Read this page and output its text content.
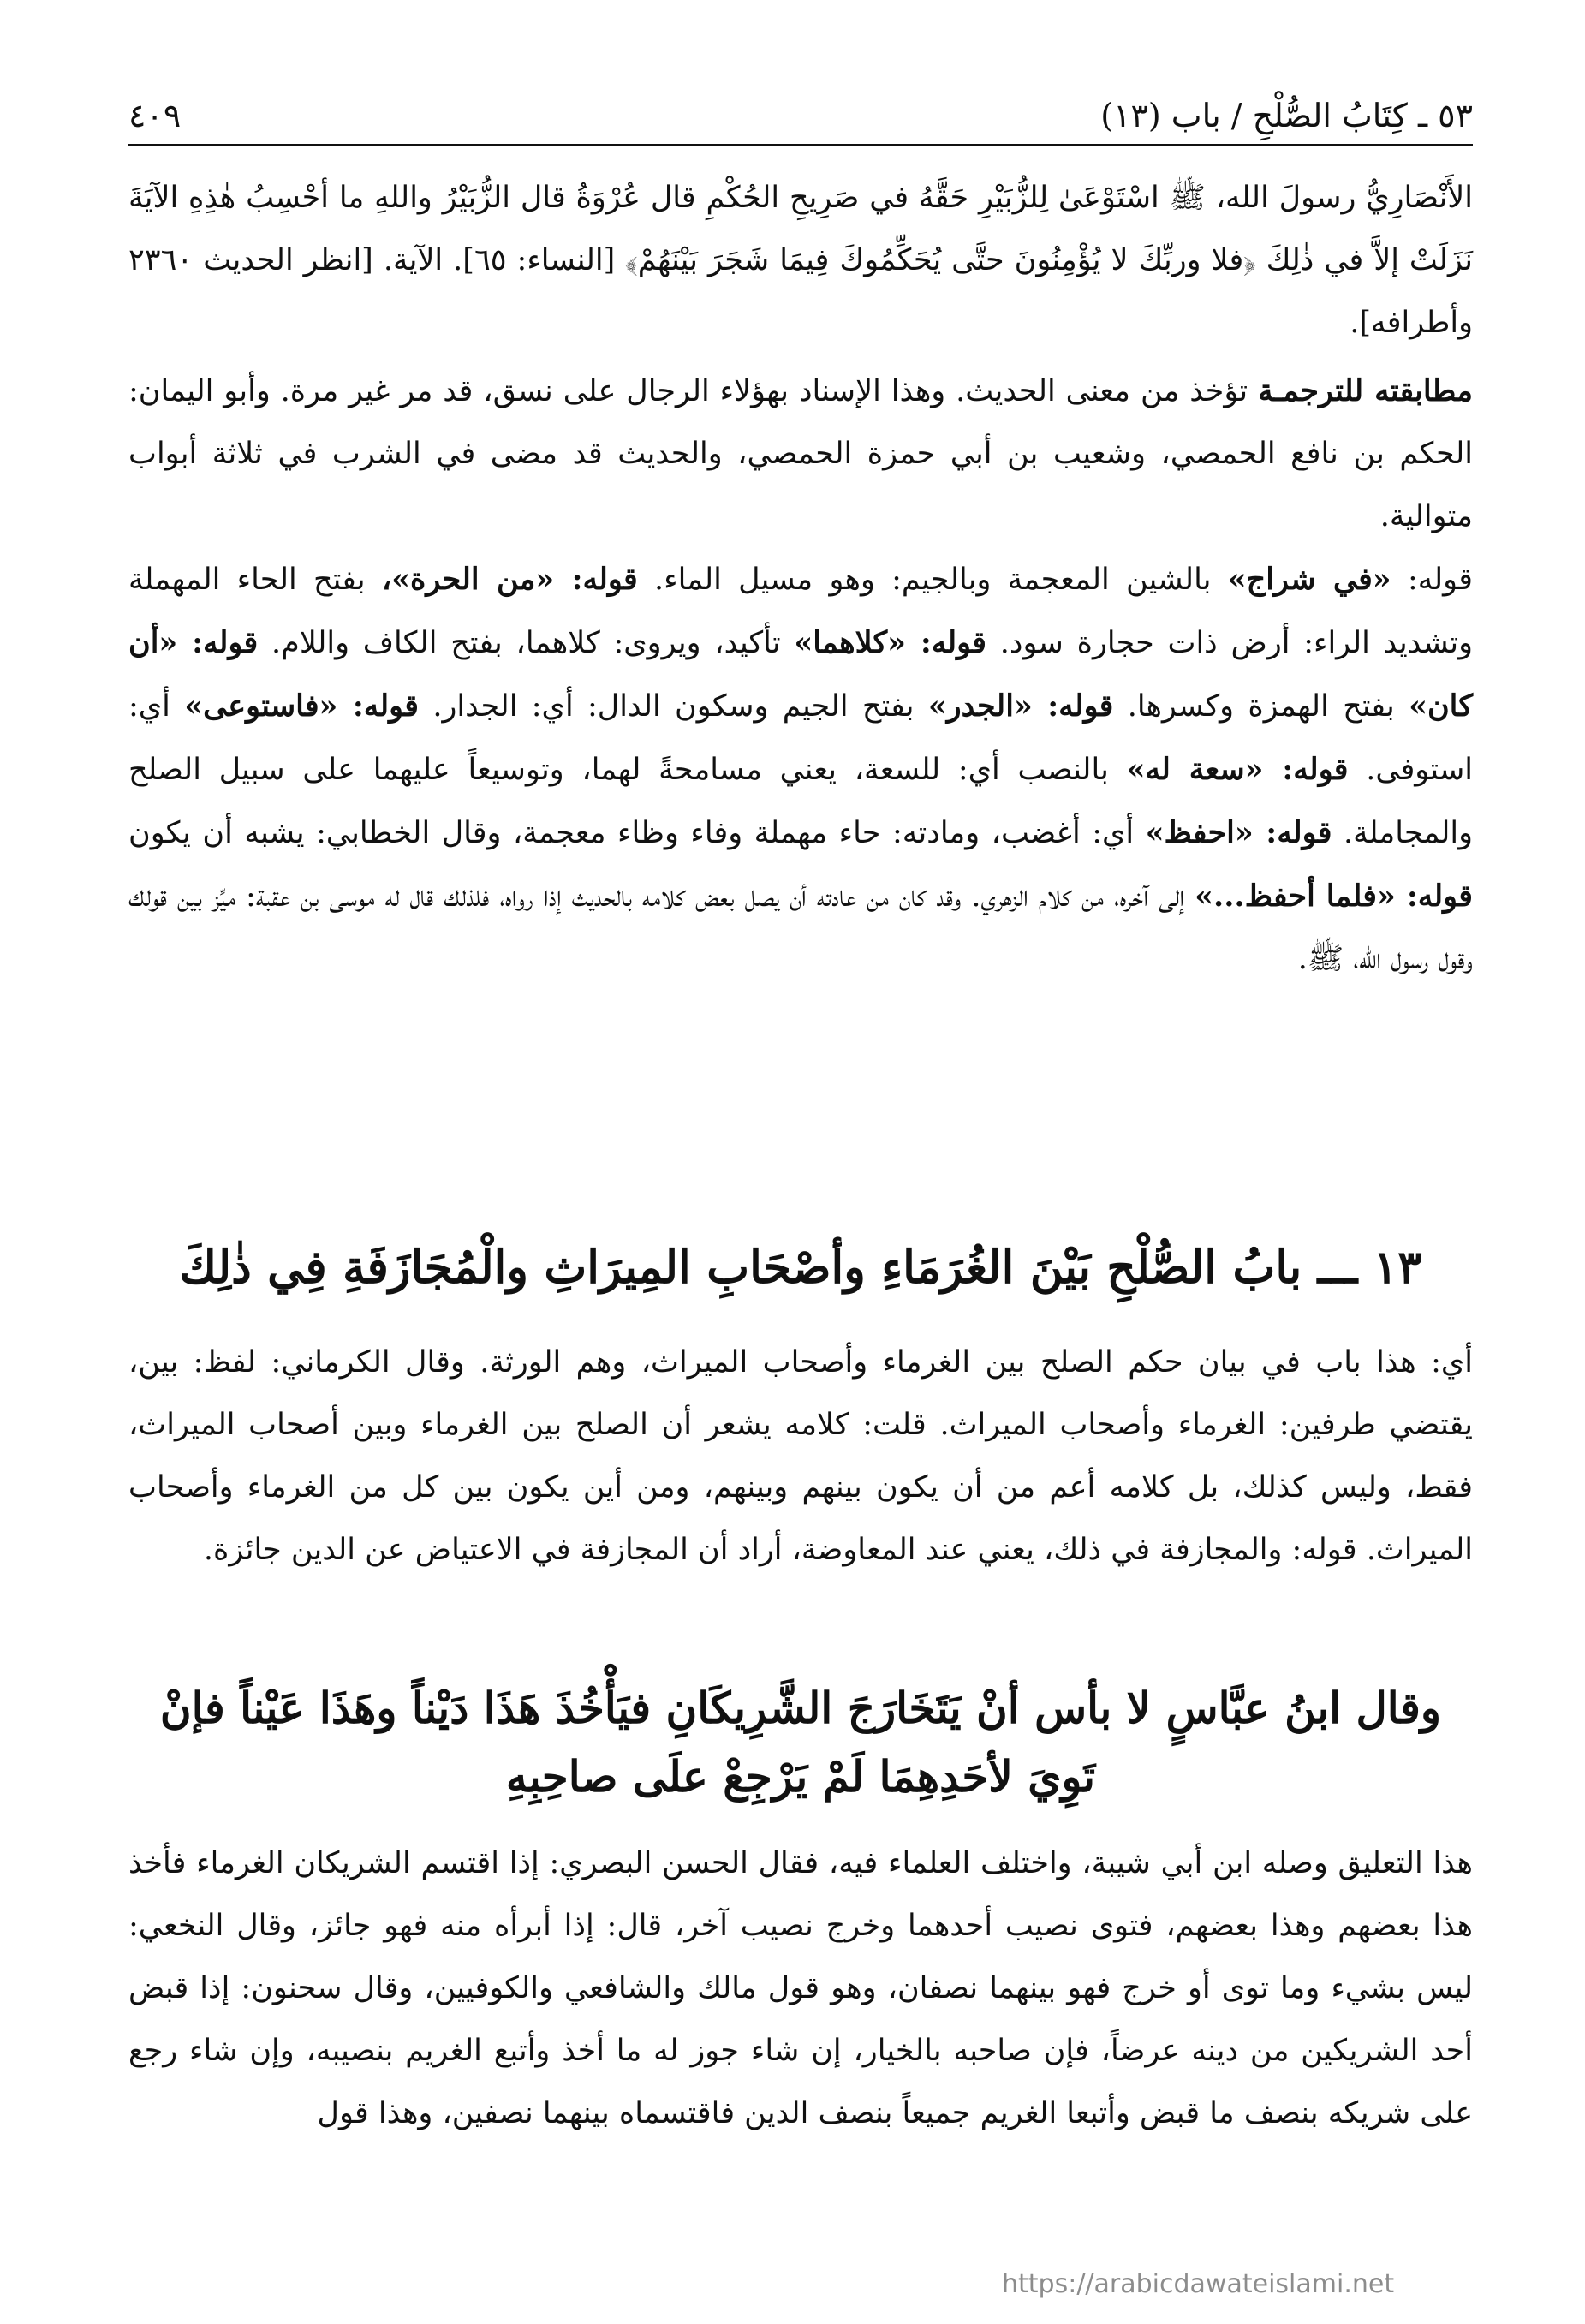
٥٣ ـ كِتَابُ الصُّلْحِ / باب (١٣)
٤٠٩

الأَنْصَارِيُّ رسولَ الله، ﷺ اسْتَوْعَىٰ لِلزُّبَيْرِ حَقَّهُ في صَرِيحِ الحُكْمِ قال عُرْوَةُ قال الزُّبَيْرُ واللهِ ما أحْسِبُ هٰذِهِ الآيَةَ نَزَلَتْ إلاَّ في ذٰلِكَ ﴿فلا وربِّكَ لا يُؤْمِنُونَ حتَّى يُحَكِّمُوكَ فِيمَا شَجَرَ بَيْنَهُمْ﴾ [النساء: ٦٥]. الآية. [انظر الحديث ٢٣٦٠ وأطرافه].

مطابقته للترجمـة تؤخذ من معنى الحديث. وهذا الإسناد بهؤلاء الرجال على نسق، قد مر غير مرة. وأبو اليمان: الحكم بن نافع الحمصي، وشعيب بن أبي حمزة الحمصي، والحديث قد مضى في الشرب في ثلاثة أبواب متوالية.

قوله: «في شراج» بالشين المعجمة وبالجيم: وهو مسيل الماء. قوله: «من الحرة»، بفتح الحاء المهملة وتشديد الراء: أرض ذات حجارة سود. قوله: «كلاهما» تأكيد، ويروى: كلاهما، بفتح الكاف واللام. قوله: «أن كان» بفتح الهمزة وكسرها. قوله: «الجدر» بفتح الجيم وسكون الدال: أي: الجدار. قوله: «فاستوعى» أي: استوفى. قوله: «سعة له» بالنصب أي: للسعة، يعني مسامحةً لهما، وتوسيعاً عليهما على سبيل الصلح والمجاملة. قوله: «احفظ» أي: أغضب، ومادته: حاء مهملة وفاء وظاء معجمة، وقال الخطابي: يشبه أن يكون قوله: «فلما أحفظ...» إلى آخره، من كلام الزهري. وقد كان من عادته أن يصل بعض كلامه بالحديث إذا رواه، فلذلك قال له موسى بن عقبة: ميِّز بين قولك وقول رسول الله، ﷺ.

١٣ ـــ بابُ الصُّلْحِ بَيْنَ الغُرَمَاءِ وأصْحَابِ المِيرَاثِ والْمُجَازَفَةِ فِي ذٰلِكَ

أي: هذا باب في بيان حكم الصلح بين الغرماء وأصحاب الميراث، وهم الورثة. وقال الكرماني: لفظ: بين، يقتضي طرفين: الغرماء وأصحاب الميراث. قلت: كلامه يشعر أن الصلح بين الغرماء وبين أصحاب الميراث، فقط، وليس كذلك، بل كلامه أعم من أن يكون بينهم وبينهم، ومن أين يكون بين كل من الغرماء وأصحاب الميراث. قوله: والمجازفة في ذلك، يعني عند المعاوضة، أراد أن المجازفة في الاعتياض عن الدين جائزة.

وقال ابنُ عبَّاسٍ لا بأس أنْ يَتَخَارَجَ الشَّرِيكَانِ فيَأْخُذَ هَذَا دَيْناً وهَذَا عَيْناً فإنْ تَوِيَ لأحَدِهِمَا لَمْ يَرْجِعْ علَى صاحِبِهِ

هذا التعليق وصله ابن أبي شيبة، واختلف العلماء فيه، فقال الحسن البصري: إذا اقتسم الشريكان الغرماء فأخذ هذا بعضهم وهذا بعضهم، فتوى نصيب أحدهما وخرج نصيب آخر، قال: إذا أبرأه منه فهو جائز، وقال النخعي: ليس بشيء وما توى أو خرج فهو بينهما نصفان، وهو قول مالك والشافعي والكوفيين، وقال سحنون: إذا قبض أحد الشريكين من دينه عرضاً، فإن صاحبه بالخيار، إن شاء جوز له ما أخذ وأتبع الغريم بنصيبه، وإن شاء رجع على شريكه بنصف ما قبض وأتبعا الغريم جميعاً بنصف الدين فاقتسماه بينهما نصفين، وهذا قول

https://arabicdawateislami.net
